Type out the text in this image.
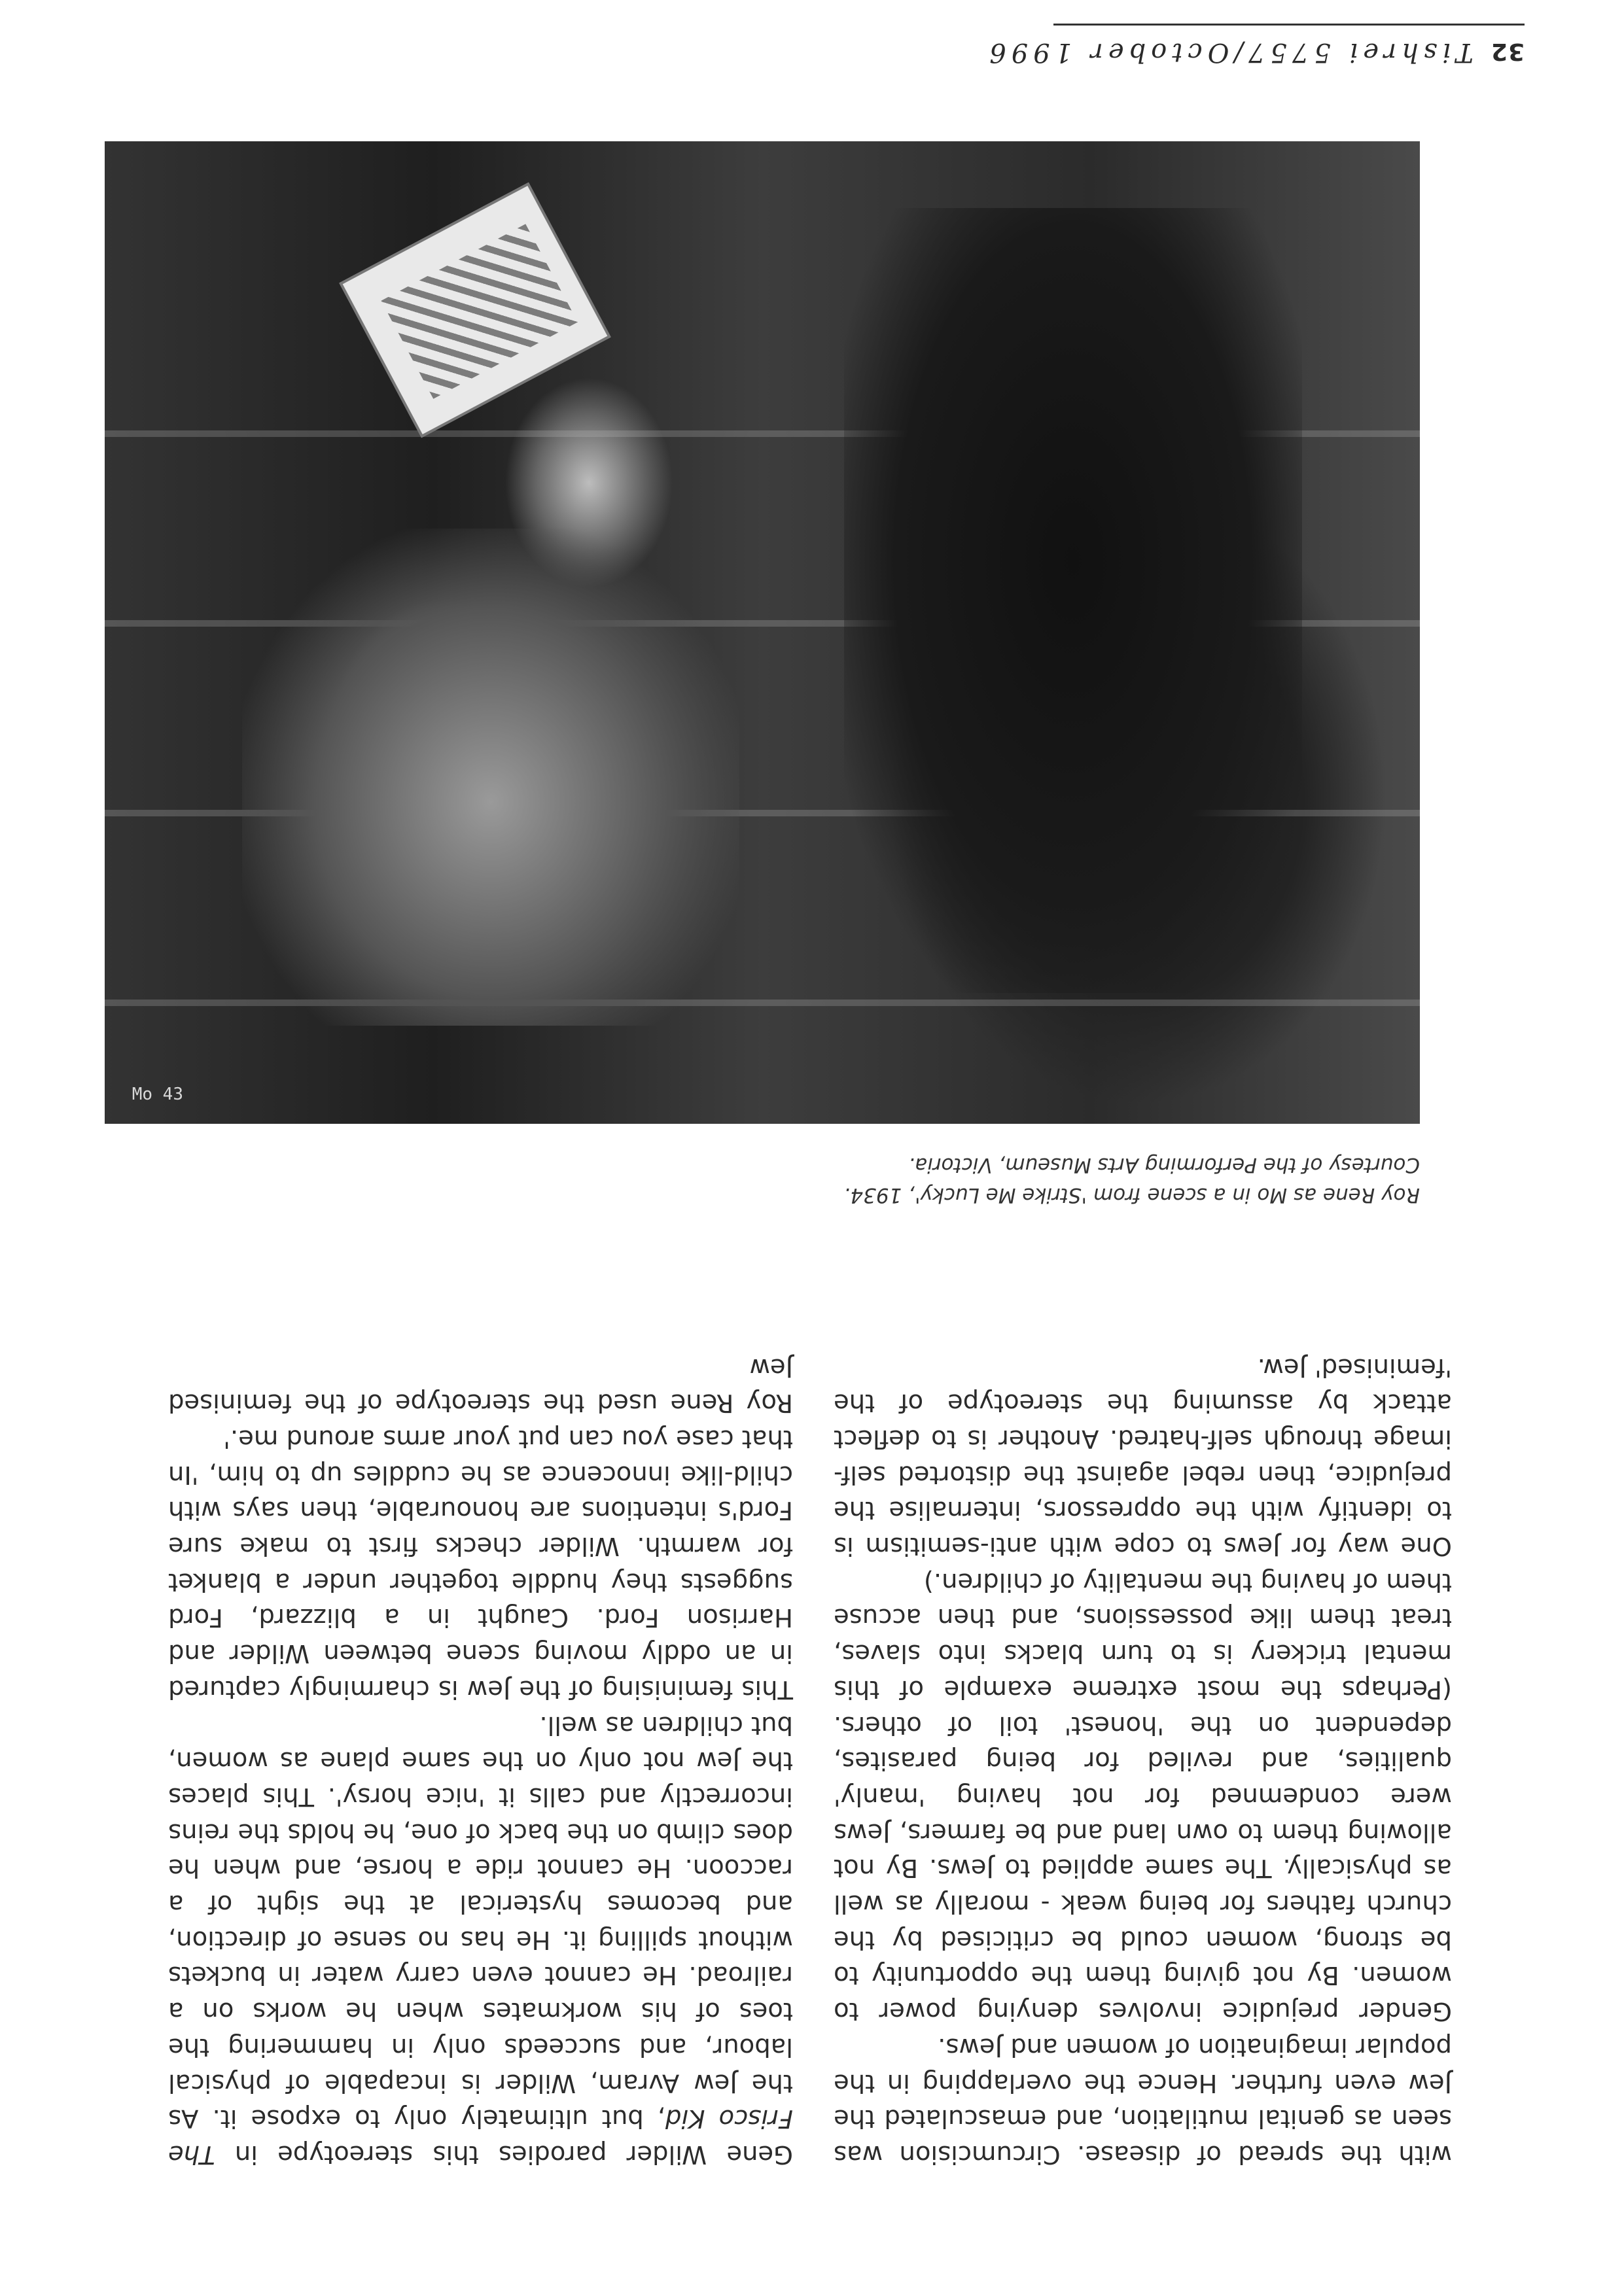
32Tishrei 5757/October 1996
Mo 43
Roy Rene as Mo in a scene from 'Strike Me Lucky', 1934.
Courtesy of the Performing Arts Museum, Victoria.

with the spread of disease. Circumcision was seen as genital mutilation, and emasculated the Jew even further. Hence the overlapping in the popular imagination of women and Jews.

Gender prejudice involves denying power to women. By not giving them the opportunity to be strong, women could be criticised by the church fathers for being weak - morally as well as physically. The same applied to Jews. By not allowing them to own land and be farmers, Jews were condemned for not having 'manly' qualities, and reviled for being parasites, dependent on the 'honest' toil of others. (Perhaps the most extreme example of this mental trickery is to turn blacks into slaves, treat them like possessions, and then accuse them of having the mentality of children.)

One way for Jews to cope with anti-semitism is to identify with the oppressors, internalise the prejudice, then rebel against the distorted self-image through self-hatred. Another is to deflect attack by assuming the stereotype of the 'feminised' Jew.

Gene Wilder parodies this stereotype in The Frisco Kid, but ultimately only to expose it. As the Jew Avram, Wilder is incapable of physical labour, and succeeds only in hammering the toes of his workmates when he works on a railroad. He cannot even carry water in buckets without spilling it. He has no sense of direction, and becomes hysterical at the sight of a raccoon. He cannot ride a horse, and when he does climb on the back of one, he holds the reins incorrectly and calls it 'nice horsy'. This places the Jew not only on the same plane as women, but children as well.

This feminising of the Jew is charmingly captured in an oddly moving scene between Wilder and Harrison Ford. Caught in a blizzard, Ford suggests they huddle together under a blanket for warmth. Wilder checks first to make sure Ford's intentions are honourable, then says with child-like innocence as he cuddles up to him, 'In that case you can put your arms around me.'

Roy Rene used the stereotype of the feminised Jew
